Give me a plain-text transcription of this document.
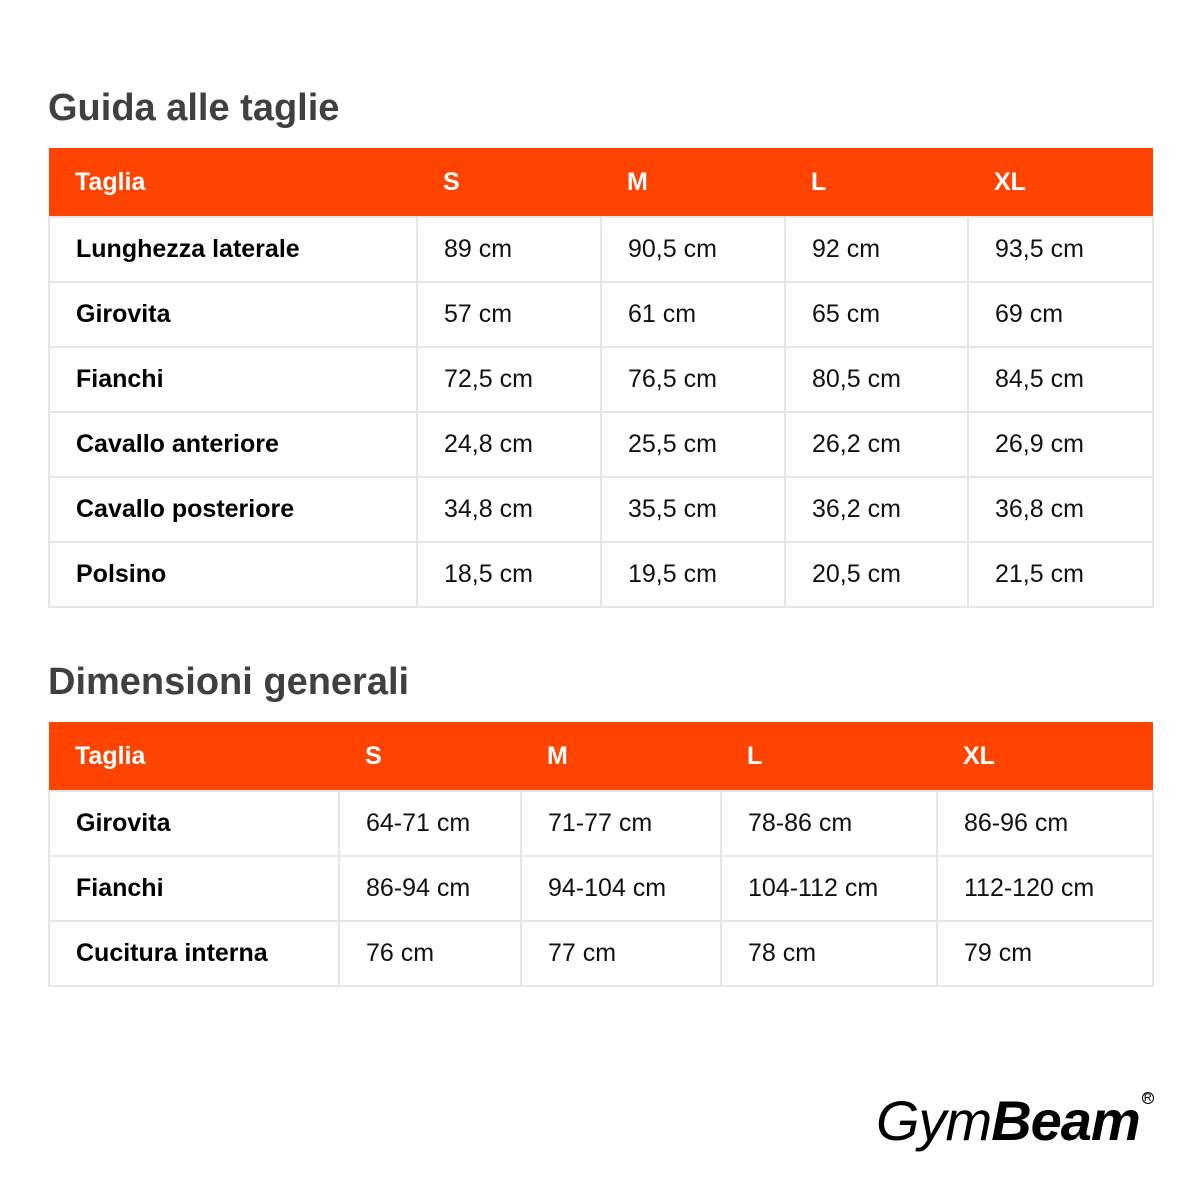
Guida alle taglie
Taglia	S	M	L	XL
Lunghezza laterale	89 cm	90,5 cm	92 cm	93,5 cm
Girovita	57 cm	61 cm	65 cm	69 cm
Fianchi	72,5 cm	76,5 cm	80,5 cm	84,5 cm
Cavallo anteriore	24,8 cm	25,5 cm	26,2 cm	26,9 cm
Cavallo posteriore	34,8 cm	35,5 cm	36,2 cm	36,8 cm
Polsino	18,5 cm	19,5 cm	20,5 cm	21,5 cm
Dimensioni generali
Taglia	S	M	L	XL
Girovita	64-71 cm	71-77 cm	78-86 cm	86-96 cm
Fianchi	86-94 cm	94-104 cm	104-112 cm	112-120 cm
Cucitura interna	76 cm	77 cm	78 cm	79 cm
GymBeam R
